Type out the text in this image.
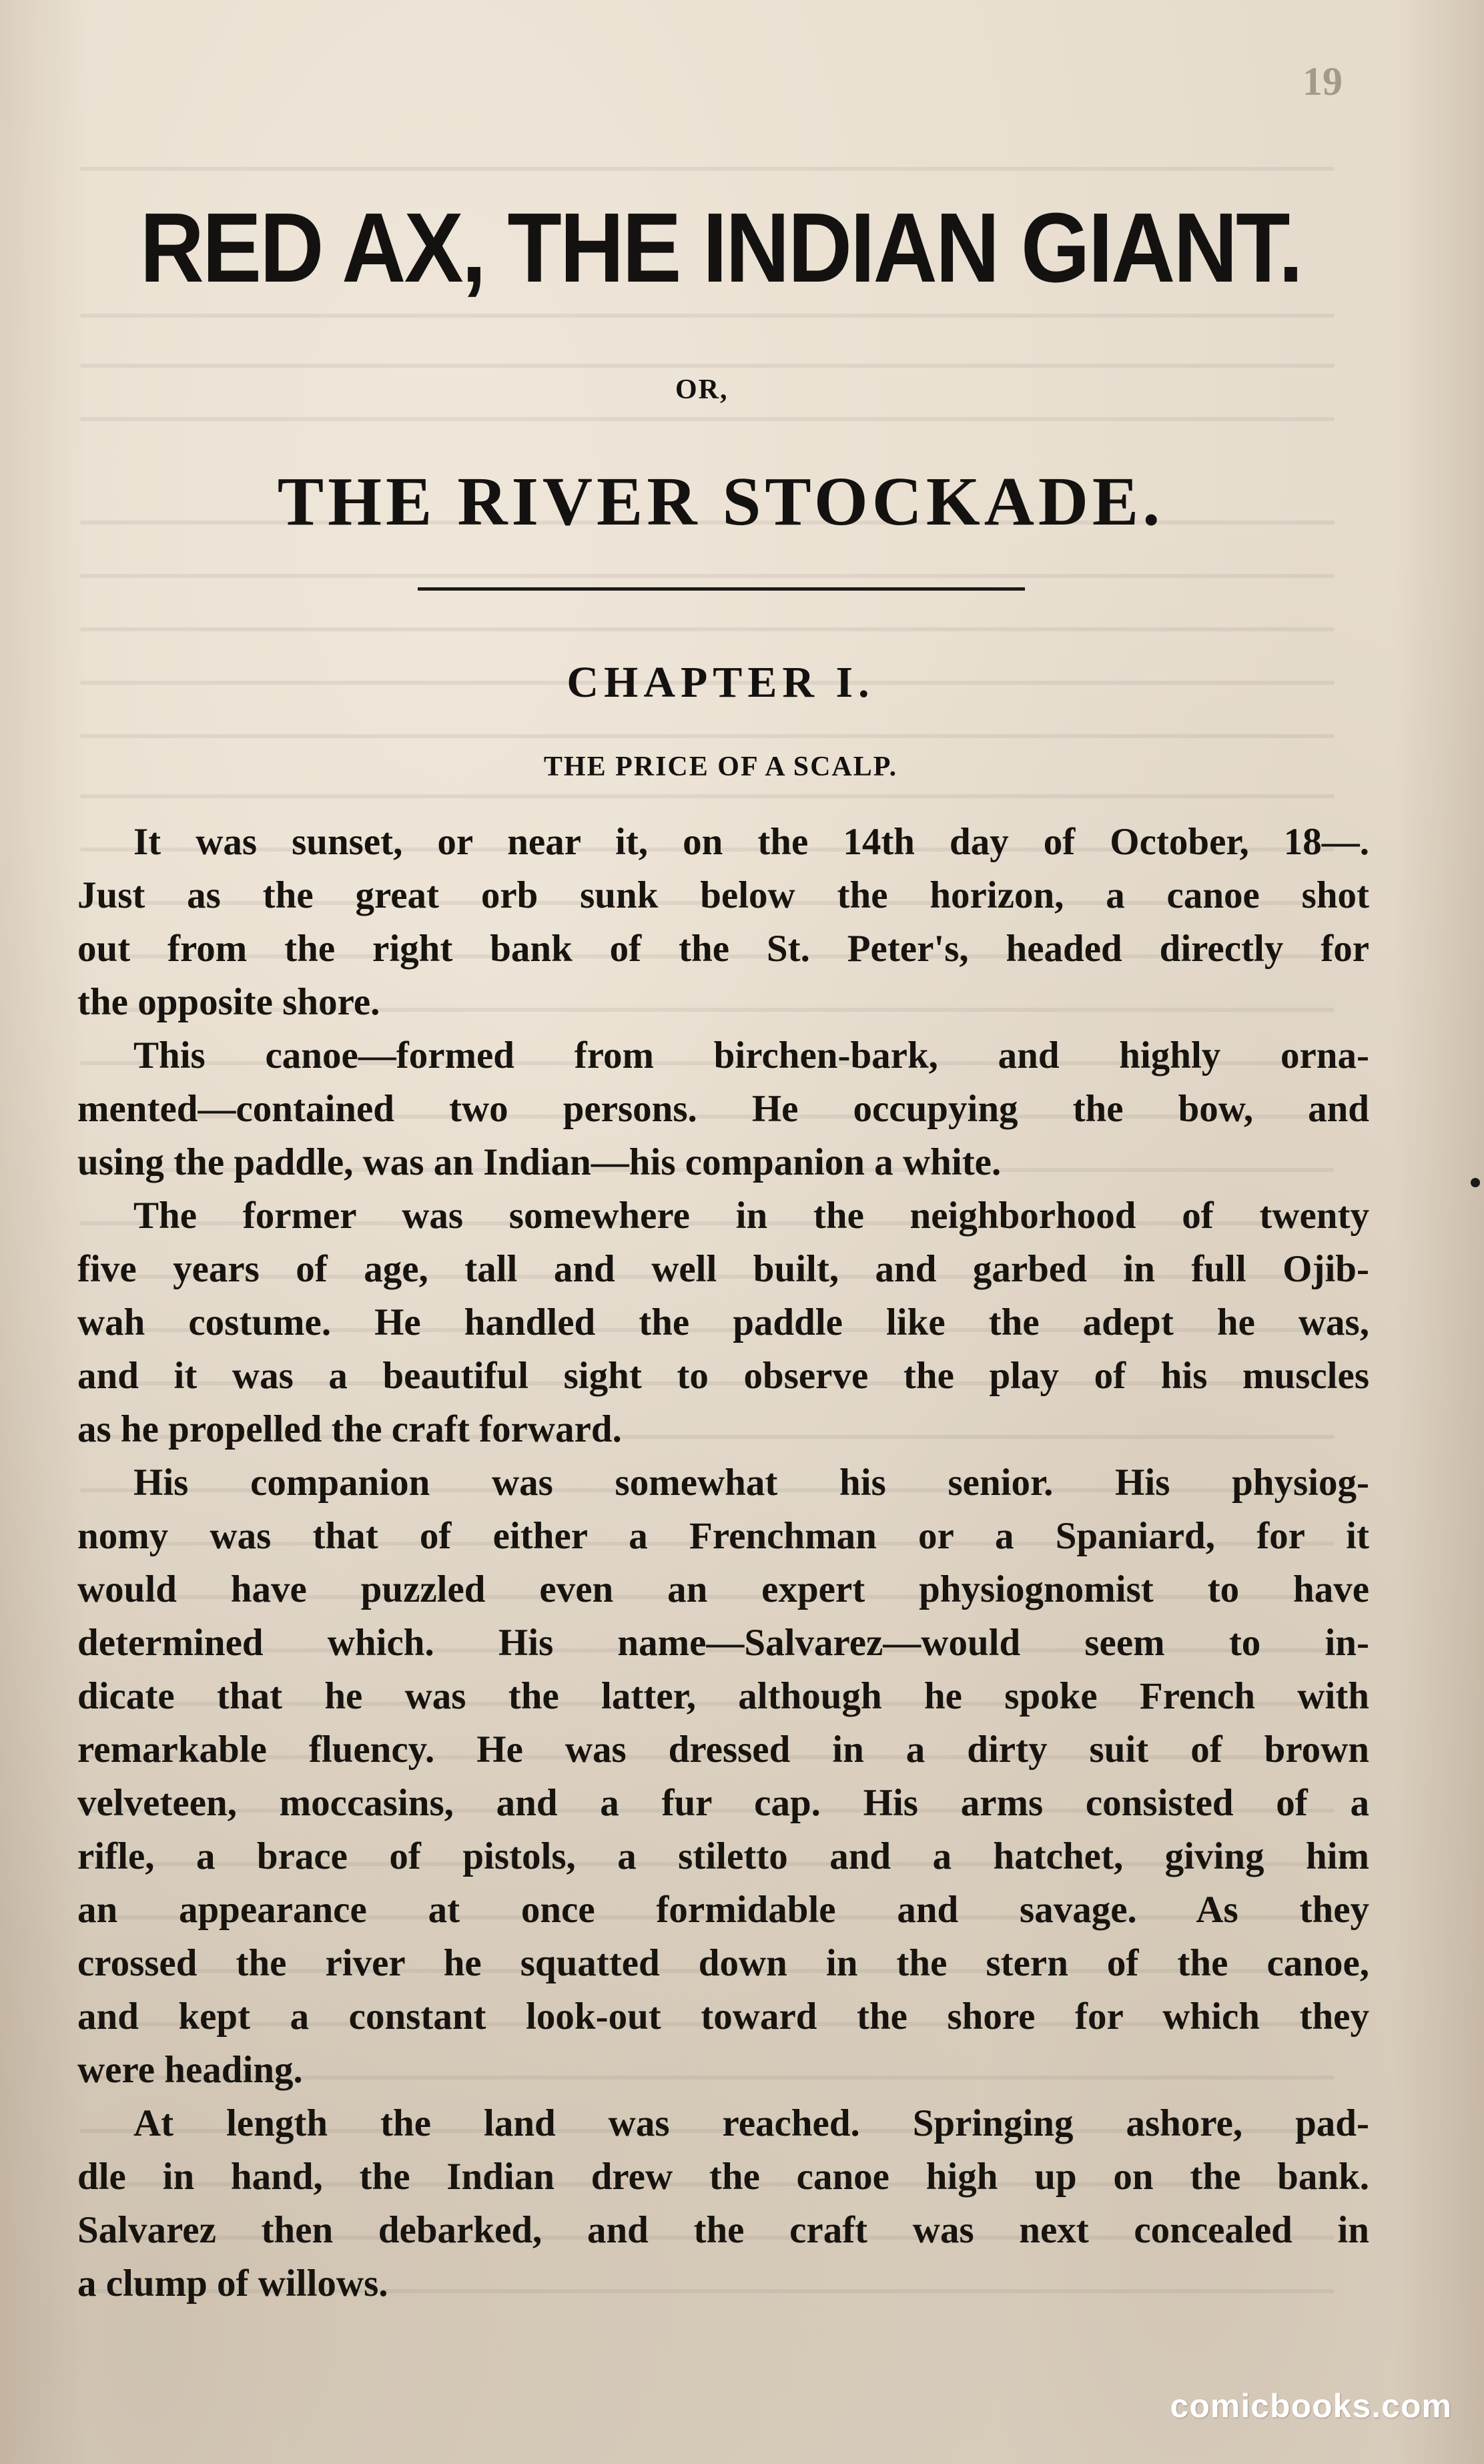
19
RED AX, THE INDIAN GIANT.
OR,
THE RIVER STOCKADE.
CHAPTER I.
THE PRICE OF A SCALP.

It was sunset, or near it, on the 14th day of October, 18—.
Just as the great orb sunk below the horizon, a canoe shot
out from the right bank of the St. Peter's, headed directly for
the opposite shore.

This canoe—formed from birchen-bark, and highly orna-
mented—contained two persons. He occupying the bow, and
using the paddle, was an Indian—his companion a white.

The former was somewhere in the neighborhood of twenty
five years of age, tall and well built, and garbed in full Ojib-
wah costume. He handled the paddle like the adept he was,
and it was a beautiful sight to observe the play of his muscles
as he propelled the craft forward.

His companion was somewhat his senior. His physiog-
nomy was that of either a Frenchman or a Spaniard, for it
would have puzzled even an expert physiognomist to have
determined which. His name—Salvarez—would seem to in-
dicate that he was the latter, although he spoke French with
remarkable fluency. He was dressed in a dirty suit of brown
velveteen, moccasins, and a fur cap. His arms consisted of a
rifle, a brace of pistols, a stiletto and a hatchet, giving him
an appearance at once formidable and savage. As they
crossed the river he squatted down in the stern of the canoe,
and kept a constant look-out toward the shore for which they
were heading.

At length the land was reached. Springing ashore, pad-
dle in hand, the Indian drew the canoe high up on the bank.
Salvarez then debarked, and the craft was next concealed in
a clump of willows.

comicbooks.com
